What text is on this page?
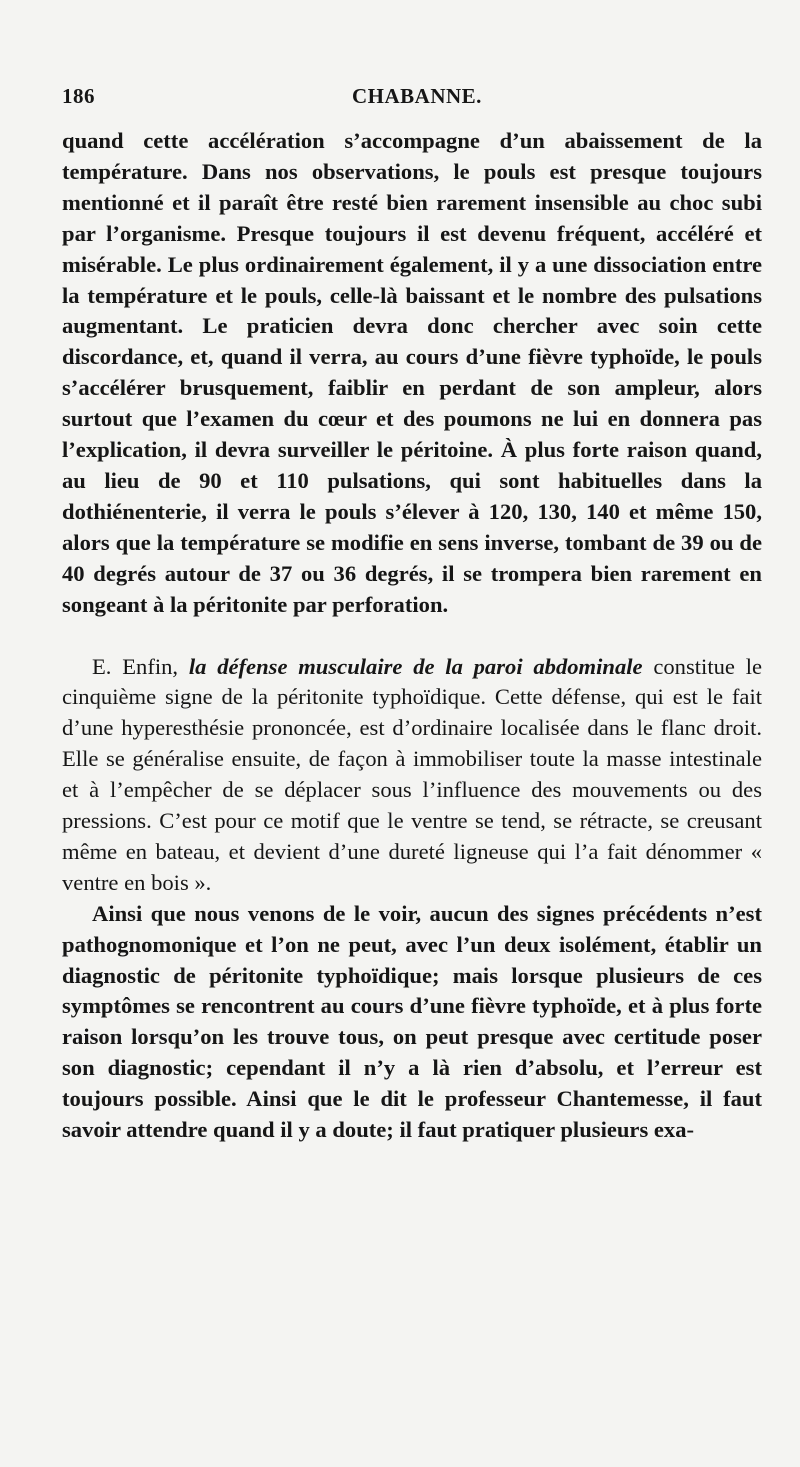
186	CHABANNE.

quand cette accélération s’accompagne d’un abaissement de la température. Dans nos observations, le pouls est presque toujours mentionné et il paraît être resté bien rarement insensible au choc subi par l’organisme. Presque toujours il est devenu fréquent, accéléré et misérable. Le plus ordinairement également, il y a une dissociation entre la température et le pouls, celle-là baissant et le nombre des pulsations augmentant. Le praticien devra donc chercher avec soin cette discordance, et, quand il verra, au cours d’une fièvre typhoïde, le pouls s’accélérer brusquement, faiblir en perdant de son ampleur, alors surtout que l’examen du cœur et des poumons ne lui en donnera pas l’explication, il devra surveiller le péritoine. À plus forte raison quand, au lieu de 90 et 110 pulsations, qui sont habituelles dans la dothiénenterie, il verra le pouls s’élever à 120, 130, 140 et même 150, alors que la température se modifie en sens inverse, tombant de 39 ou de 40 degrés autour de 37 ou 36 degrés, il se trompera bien rarement en songeant à la péritonite par perforation.

E. Enfin, la défense musculaire de la paroi abdominale constitue le cinquième signe de la péritonite typhoïdique. Cette défense, qui est le fait d’une hyperesthésie prononcée, est d’ordinaire localisée dans le flanc droit. Elle se généralise ensuite, de façon à immobiliser toute la masse intestinale et à l’empêcher de se déplacer sous l’influence des mouvements ou des pressions. C’est pour ce motif que le ventre se tend, se rétracte, se creusant même en bateau, et devient d’une dureté ligneuse qui l’a fait dénommer « ventre en bois ».

Ainsi que nous venons de le voir, aucun des signes précédents n’est pathognomonique et l’on ne peut, avec l’un deux isolément, établir un diagnostic de péritonite typhoïdique; mais lorsque plusieurs de ces symptômes se rencontrent au cours d’une fièvre typhoïde, et à plus forte raison lorsqu’on les trouve tous, on peut presque avec certitude poser son diagnostic; cependant il n’y a là rien d’absolu, et l’erreur est toujours possible. Ainsi que le dit le professeur Chantemesse, il faut savoir attendre quand il y a doute; il faut pratiquer plusieurs exa-
